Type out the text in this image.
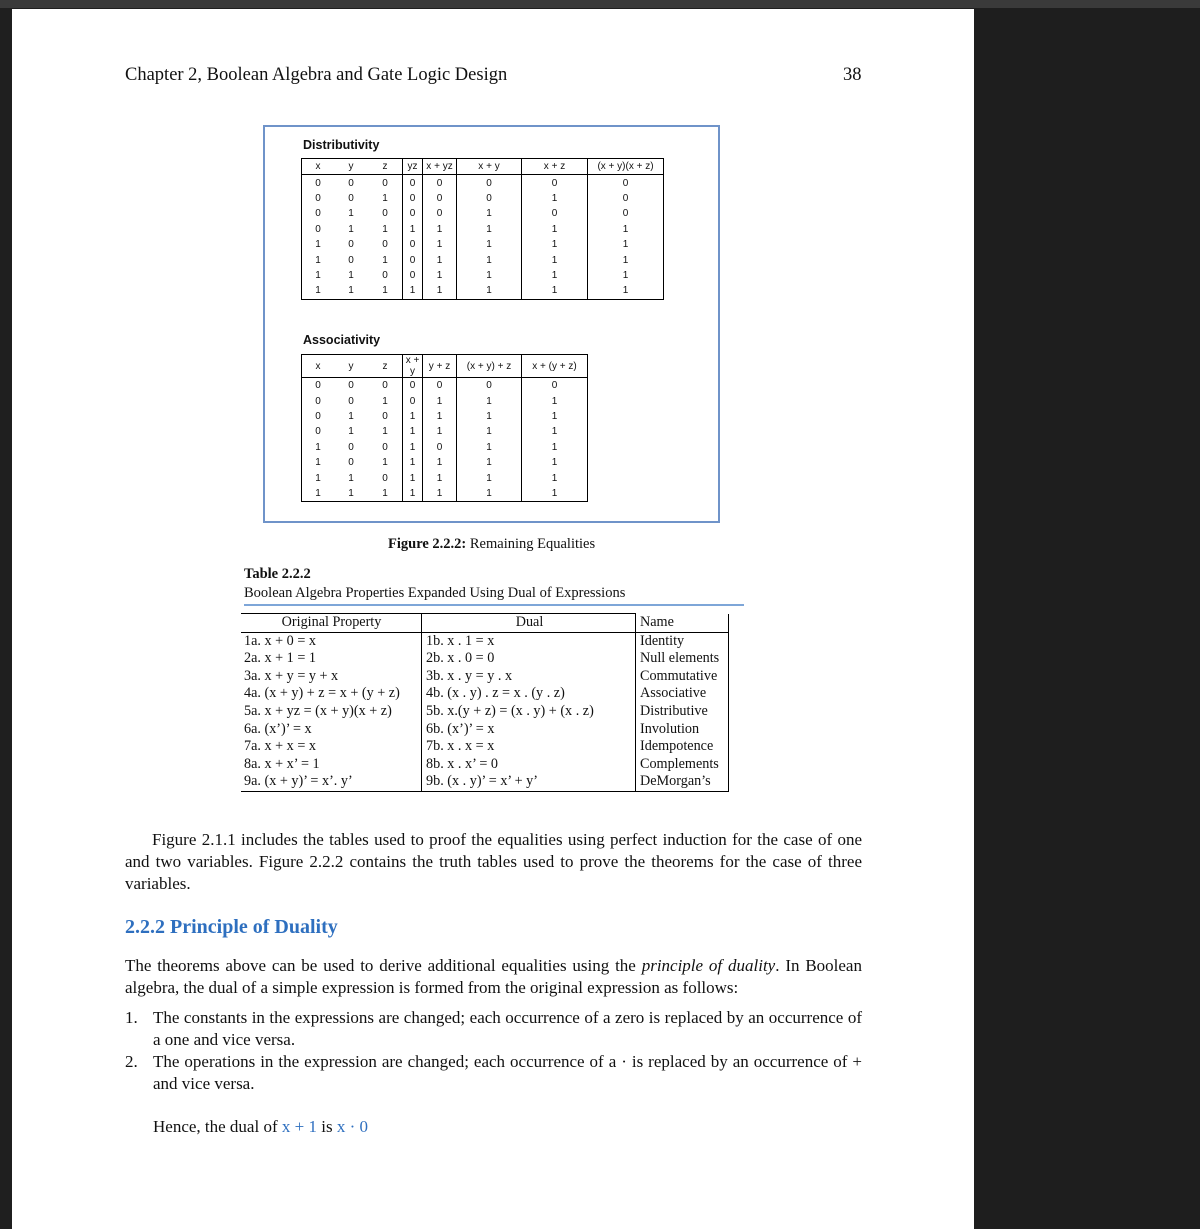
Chapter 2, Boolean Algebra and Gate Logic Design	38
Distributivity
x	y	z	yz	x + yz	x + y	x + z	(x + y)(x + z)
0	0	0	0	0	0	0	0
0	0	1	0	0	0	1	0
0	1	0	0	0	1	0	0
0	1	1	1	1	1	1	1
1	0	0	0	1	1	1	1
1	0	1	0	1	1	1	1
1	1	0	0	1	1	1	1
1	1	1	1	1	1	1	1
Associativity
x	y	z	x + y	y + z	(x + y) + z	x + (y + z)
0	0	0	0	0	0	0
0	0	1	0	1	1	1
0	1	0	1	1	1	1
0	1	1	1	1	1	1
1	0	0	1	0	1	1
1	0	1	1	1	1	1
1	1	0	1	1	1	1
1	1	1	1	1	1	1
Figure 2.2.2: Remaining Equalities
Table 2.2.2
Boolean Algebra Properties Expanded Using Dual of Expressions
Original Property	Dual	Name
1a. x + 0 = x	1b. x . 1 = x	Identity
2a. x + 1 = 1	2b. x . 0 = 0	Null elements
3a. x + y = y + x	3b. x . y = y . x	Commutative
4a. (x + y) + z = x + (y + z)	4b. (x . y) . z = x . (y . z)	Associative
5a. x + yz = (x + y)(x + z)	5b. x.(y + z) = (x . y) + (x . z)	Distributive
6a. (x’)’ = x	6b. (x’)’ = x	Involution
7a. x + x = x	7b. x . x = x	Idempotence
8a. x + x’ = 1	8b. x . x’ = 0	Complements
9a. (x + y)’ = x’. y’	9b. (x . y)’ = x’ + y’	DeMorgan’s
Figure 2.1.1 includes the tables used to proof the equalities using perfect induction for the case of one and two variables. Figure 2.2.2 contains the truth tables used to prove the theorems for the case of three variables.
2.2.2 Principle of Duality
The theorems above can be used to derive additional equalities using the principle of duality. In Boolean algebra, the dual of a simple expression is formed from the original expression as follows:
1. The constants in the expressions are changed; each occurrence of a zero is replaced by an occurrence of a one and vice versa.
2. The operations in the expression are changed; each occurrence of a · is replaced by an occurrence of + and vice versa.
Hence, the dual of x + 1 is x · 0
